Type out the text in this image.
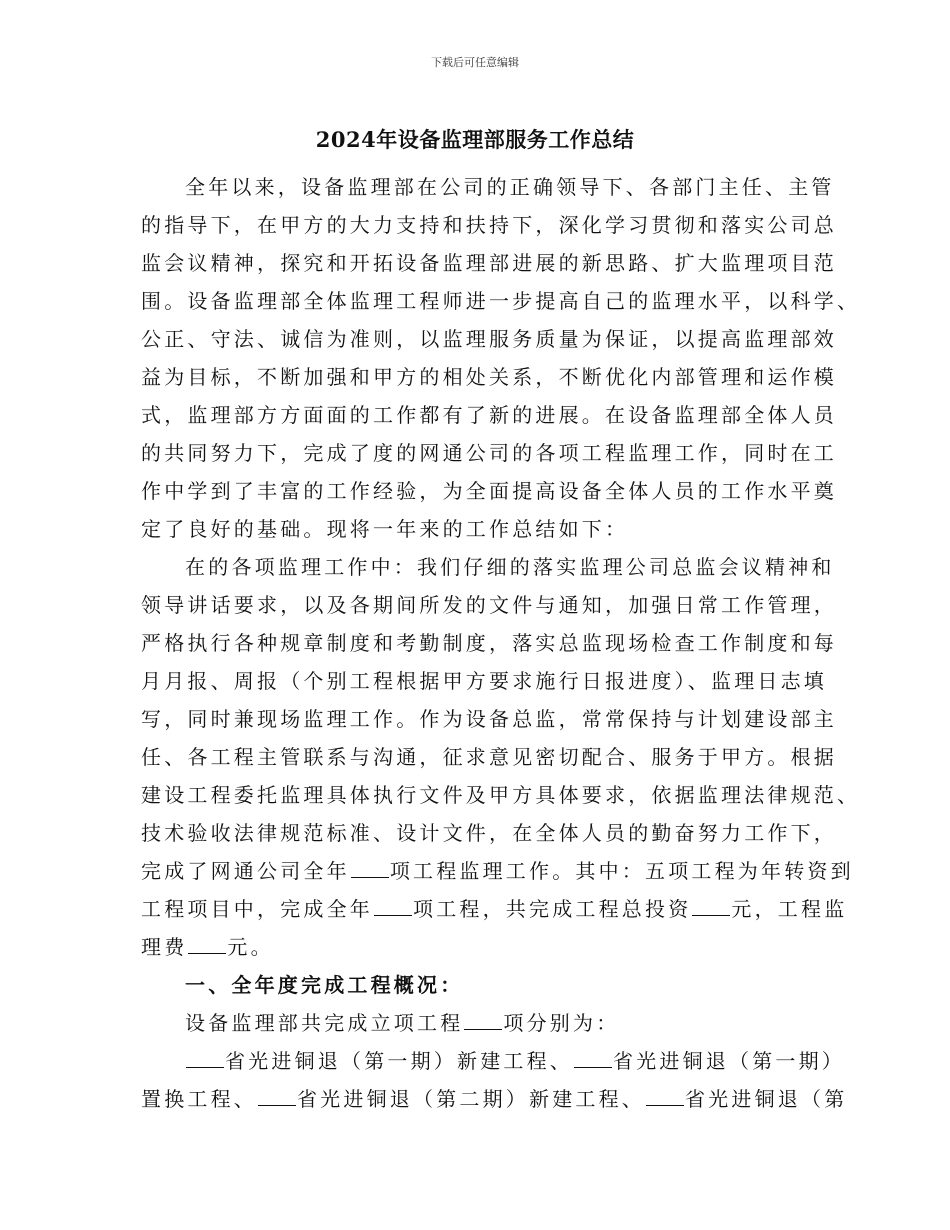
下载后可任意编辑
2024年设备监理部服务工作总结
全年以来，设备监理部在公司的正确领导下、各部门主任、主管
的指导下，在甲方的大力支持和扶持下，深化学习贯彻和落实公司总
监会议精神，探究和开拓设备监理部进展的新思路、扩大监理项目范
围。设备监理部全体监理工程师进一步提高自己的监理水平，以科学、
公正、守法、诚信为准则，以监理服务质量为保证，以提高监理部效
益为目标，不断加强和甲方的相处关系，不断优化内部管理和运作模
式，监理部方方面面的工作都有了新的进展。在设备监理部全体人员
的共同努力下，完成了度的网通公司的各项工程监理工作，同时在工
作中学到了丰富的工作经验，为全面提高设备全体人员的工作水平奠
定了良好的基础。现将一年来的工作总结如下：
在的各项监理工作中：我们仔细的落实监理公司总监会议精神和
领导讲话要求，以及各期间所发的文件与通知，加强日常工作管理，
严格执行各种规章制度和考勤制度，落实总监现场检查工作制度和每
月月报、周报（个别工程根据甲方要求施行日报进度）、监理日志填
写，同时兼现场监理工作。作为设备总监，常常保持与计划建设部主
任、各工程主管联系与沟通，征求意见密切配合、服务于甲方。根据
建设工程委托监理具体执行文件及甲方具体要求，依据监理法律规范、
技术验收法律规范标准、设计文件，在全体人员的勤奋努力工作下，
完成了网通公司全年 项工程监理工作。其中：五项工程为年转资到
工程项目中，完成全年 项工程，共完成工程总投资 元，工程监
理费 元。
一、全年度完成工程概况：
设备监理部共完成立项工程 项分别为：
省光进铜退（第一期）新建工程、 省光进铜退（第一期）
置换工程、 省光进铜退（第二期）新建工程、 省光进铜退（第
